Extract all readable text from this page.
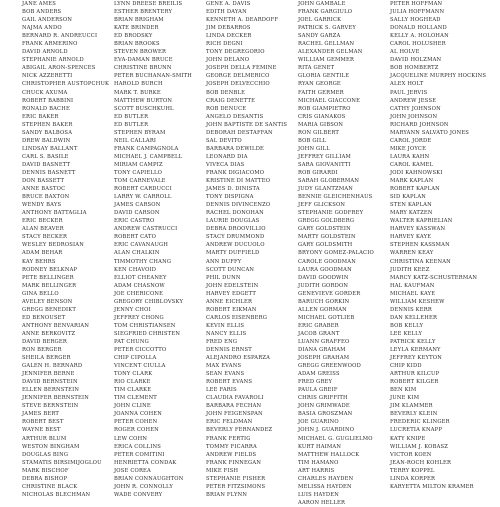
JANE AMES
BOB ANDERS
GAIL ANDERSON
NAJMA ANDO
BERNARD R. ANDREUCCI
FRANK ARMERINO
DAVID ARNOLD
STEPHANIE ARNOLD
ABIGAIL ARON-SPENCES
NICK AZZERETTI
CHRISTOPHER AUSTOPCHUK
CHUCK AXUMA
ROBERT BABBINI
RONALD BACHE
ERIC BAKER
STEPHEN BAKER
SANDY BALBOSA
DREW BALDWIN
LINDSAY BALLANT
CARL S. BASILE
DAVID BASNETT
DENNIS BASNETT
DON BASSETT
ANNE BASTOC
BRUCE BAXTON
WENDY BAYS
ANTHONY BATTAGLIA
ERIC BECKER
ALAN BEAVER
STACY BECKER
WESLEY BEDROSIAN
ADAM BEHAR
KAY BEHRS
RODNEY BELKNAP
PETE BELLINGER
MARK BELLINGER
GINA BELLO
AVELEY BENSON
GREGG BENEDIKT
ED BENOUSET
ANTHONY BENVARIAN
ANNE BERKOVITZ
DAVID BERGER
RON BERGER
SHEILA BERGER
GALEN H. BERNARD
JENNIFER BERNE
DAVID BERNSTEIN
ELLEN BERNSTEIN
JENNIFER BERNSTEIN
STEVE BERNSTEIN
JAMES BERT
ROBERT BEST
WAYNE BEST
ARTHUR BLUM
WESTON BINGHAM
DOUGLAS BING
STAMATIS BIRSIMIJOGLOU
MARK BISCHOF
DEBRA BISHOP
CHRISTINE BLACK
NICHOLAS BLECHMAN
LYNN DREESE BREILIS
ESTHER BRENTERY
BRIAN BRIGHAM
KATE BRINDER
ED BRODSKY
BRIAN BROOKS
STEVEN BROWER
EVA-DAMAN BRUCE
CHRISTINE BRUNN
PETER BUCHANAN-SMITH
HAROLD BURCH
MARK T. BURKE
MATTHEW BURTON
SCOTT BUSCHKUHL
ED BUTLER
ED BUTLER
STEPHEN BYRAM
NEIL CALLARI
FRANK CAMPAGNOLA
MICHAEL J. CAMPBELL
MIRIAM CAMPIZ
TONY CAPIELLO
TOM CARNEVALE
ROBERT CARDUCCI
LARRY W. CARROLL
JAMES CARSON
DAVID CARSON
ERIC CASTRO
ANDREW CASTRUCCI
ROBERT CATO
ERIC CAVANAUGH
ALAN CHALKIN
TIMMOTHY CHANG
KEN CHAVOID
ELLIOT CHEANEY
ADAM CHASNOW
JOE CHERICONE
GREGORY CHIBLOVSKY
JENNY CHOI
JEFFREY CHONG
TOM CHRISTIANSEN
SIEGFRIED CHRISTEN
PAT CHUNG
PETER CICCOTTO
CHIP CIPOLLA
VINCENT CIULLA
TONY CLARK
RIO CLARKE
TIM CLARKE
TIM CLEMENT
JOHN CLINE
JOANNA COHEN
PETER COHEN
ROGER COHEN
LEW COHN
ERICA COLLINS
PETER COMITINI
HENRIETTA CONDAK
JOSE COREA
BRIAN CONNAUGHTON
JOHN R. CONNOLLY
WADE CONVERY
GENE A. DAVIS
EDITH DAYAN
KENNETH A. DEARDOFF
JIM DEBARROS
LINDA DECKER
RICH DEGNI
TONY DEGREGORIO
JOHN DELANO
JOSEPH DELLA FEMINE
GEORGE DELMERICO
JOSEPH DELVECCHIO
BOB DENBLE
CRAIG DENETTE
ROB DENUCE
ANGELO DESANTIS
JOHN BAPTISTE DE SANTIS
DEBORAH DESTAFFAN
SAL DEVITO
BARBARA DEWILDE
LEONARD DIA
VIVECA DIAS
FRANK DIGIACOMO
KRISTINE DI MATTEO
JAMES D. DINISTA
TONY DISPIGNA
DENNIS DIVINCENZO
RACHEL DONOHAN
LAURIE DOUGLAS
DEBRA DROOVILLIO
STACY DRUMMOND
ANDREW DUCUOLO
MARTY DUFFIELD
ANN DUFFY
SCOTT DUNCAN
PHIL DUNN
JOHN EDELSTEIN
HARVEY EDGETT
ANNE EICHLER
ROBERT EIKMAN
CARLOS EISENBERG
KEVIN ELLIS
NANCY ELLIS
FRED ENG
DENNIS ERNST
ALEJANDRO ESPARZA
MAX EVANS
SEAN EVANS
ROBERT EVANS
LEE FARIS
CLAUDIA FAVAROLI
BARBARA FECHAN
JOHN FEIGENSPAN
ERIC FELDMAN
BEVERLY FERNANDEZ
FRANK FERTIG
TOMMY FICARRA
ANDREW FIELDS
FRANK FINNEGAN
MIKE FISH
STEPHANIE FISHER
PETER FITZSIMONS
BRIAN FLYNN
JOHN GAMBALE
FRANK GARGIULO
JOEL GARRICK
PATRICK S. GARVEY
SANDY GARZA
RACHEL GELLMAN
ALEXANDER GELMAN
WILLIAM GEMMER
RITA GENET
GLORIA GENTILE
RYAN GEORGE
FAITH GERMER
MICHAEL GIACCONE
ROB GIAMPIETRO
CRIS GIANAKOS
MARIA GIBSON
RON GILBERT
BOB GILL
JOHN GILL
JEFFREY GILLIAM
SARA GIOVANITTI
ROB GIRARDI
SARAH GLOBERMAN
JUDY GLANTZMAN
BENNIE GLEICHENHAUS
JEFF GLICKSON
STEPHANIE GODFREY
GREGG GOLDBERG
GARY GOLDSTEIN
MARTY GOLDSTEIN
GARY GOLDSMITH
BRYONY GOMEZ-PALACIO
CAROLE GOODMAN
LAURA GOODMAN
DAVID GOODWIN
JUDITH GORDON
GENEVIEVE GORDER
BARUCH GORKIN
ALLEN GORMAN
MICHAEL GOTLIEB
ERIC GRABER
JACOB GRANT
LUANN GRAFFEO
DIANA GRAHAM
JOSEPH GRAHAM
GREGG GREENWOOD
ADAM GREISS
FRED GREY
PAULA GREIF
CHRIS GRIFFITH
JOHN GRIMWADE
BASIA GROSZMAN
JOE GUARINO
JOHN J. GUARDINO
MICHAEL G. GUGLIELMO
KURT HAIMAN
MATTHEW HALLOCK
TIM HAMANO
ART HARRIS
CHARLES HAYDEN
MELISSA HAYDEN
LUIS HAYDEN
AARON HELLER
PETER HOFFMAN
JULIA HOFFMANN
SALLY HOGHEAD
DONALD HOLLAND
KELLY A. HOLOHAN
CAROL HOLUSHER
AL HOLVE
DAVID HOLZMAN
BOB HOMBERTZ
JACQUELINE MURPHY HOCKINS
ALEX HOLT
PAUL JERVIS
ANDREW JESSE
CATHY JOHNSON
JOHN JOHNSON
RICHARD JOHNSON
MARYANN SALVATO JONES
CAROL JORDE
MIKE JOYCE
LAURA KAHN
CAROL KAMEL
JODI KAHNOWSKI
MARK KAPLAN
ROBERT KAPLAN
SID KAPLAN
STEN KAPLAN
MARY KATZEN
WALTER KAPRIELIAN
HARVEY KASSWAN
HARVEY KAYE
STEPHEN KASSMAN
WARREN KEAY
CHRISTINA KEENAN
JUDITH KEEZ
MARCY KATZ-SCHUSTERMAN
HAL KAUFMAN
MICHAEL KAYE
WILLIAM KESHEW
DENNIS KERR
DAN KELLEHER
BOB KELLY
LEE KELLY
PATRICK KELLY
LEYLA KERMANY
JEFFREY KEYTON
CHIP KIDD
ARTHUR KILCUP
ROBERT KILGER
BEN KIM
JUNE KIM
JIM KLAMMER
BEVERLY KLEIN
FREDERIC KLINGER
LUCRETIA KNAPP
KATY KNIPE
WILLIAM J. KOBASZ
VICTOR KOEN
JEAN-ROCH KOHLER
TERRY KOPPEL
LINDA KORPER
KARYETTA MILTON KRAMER
